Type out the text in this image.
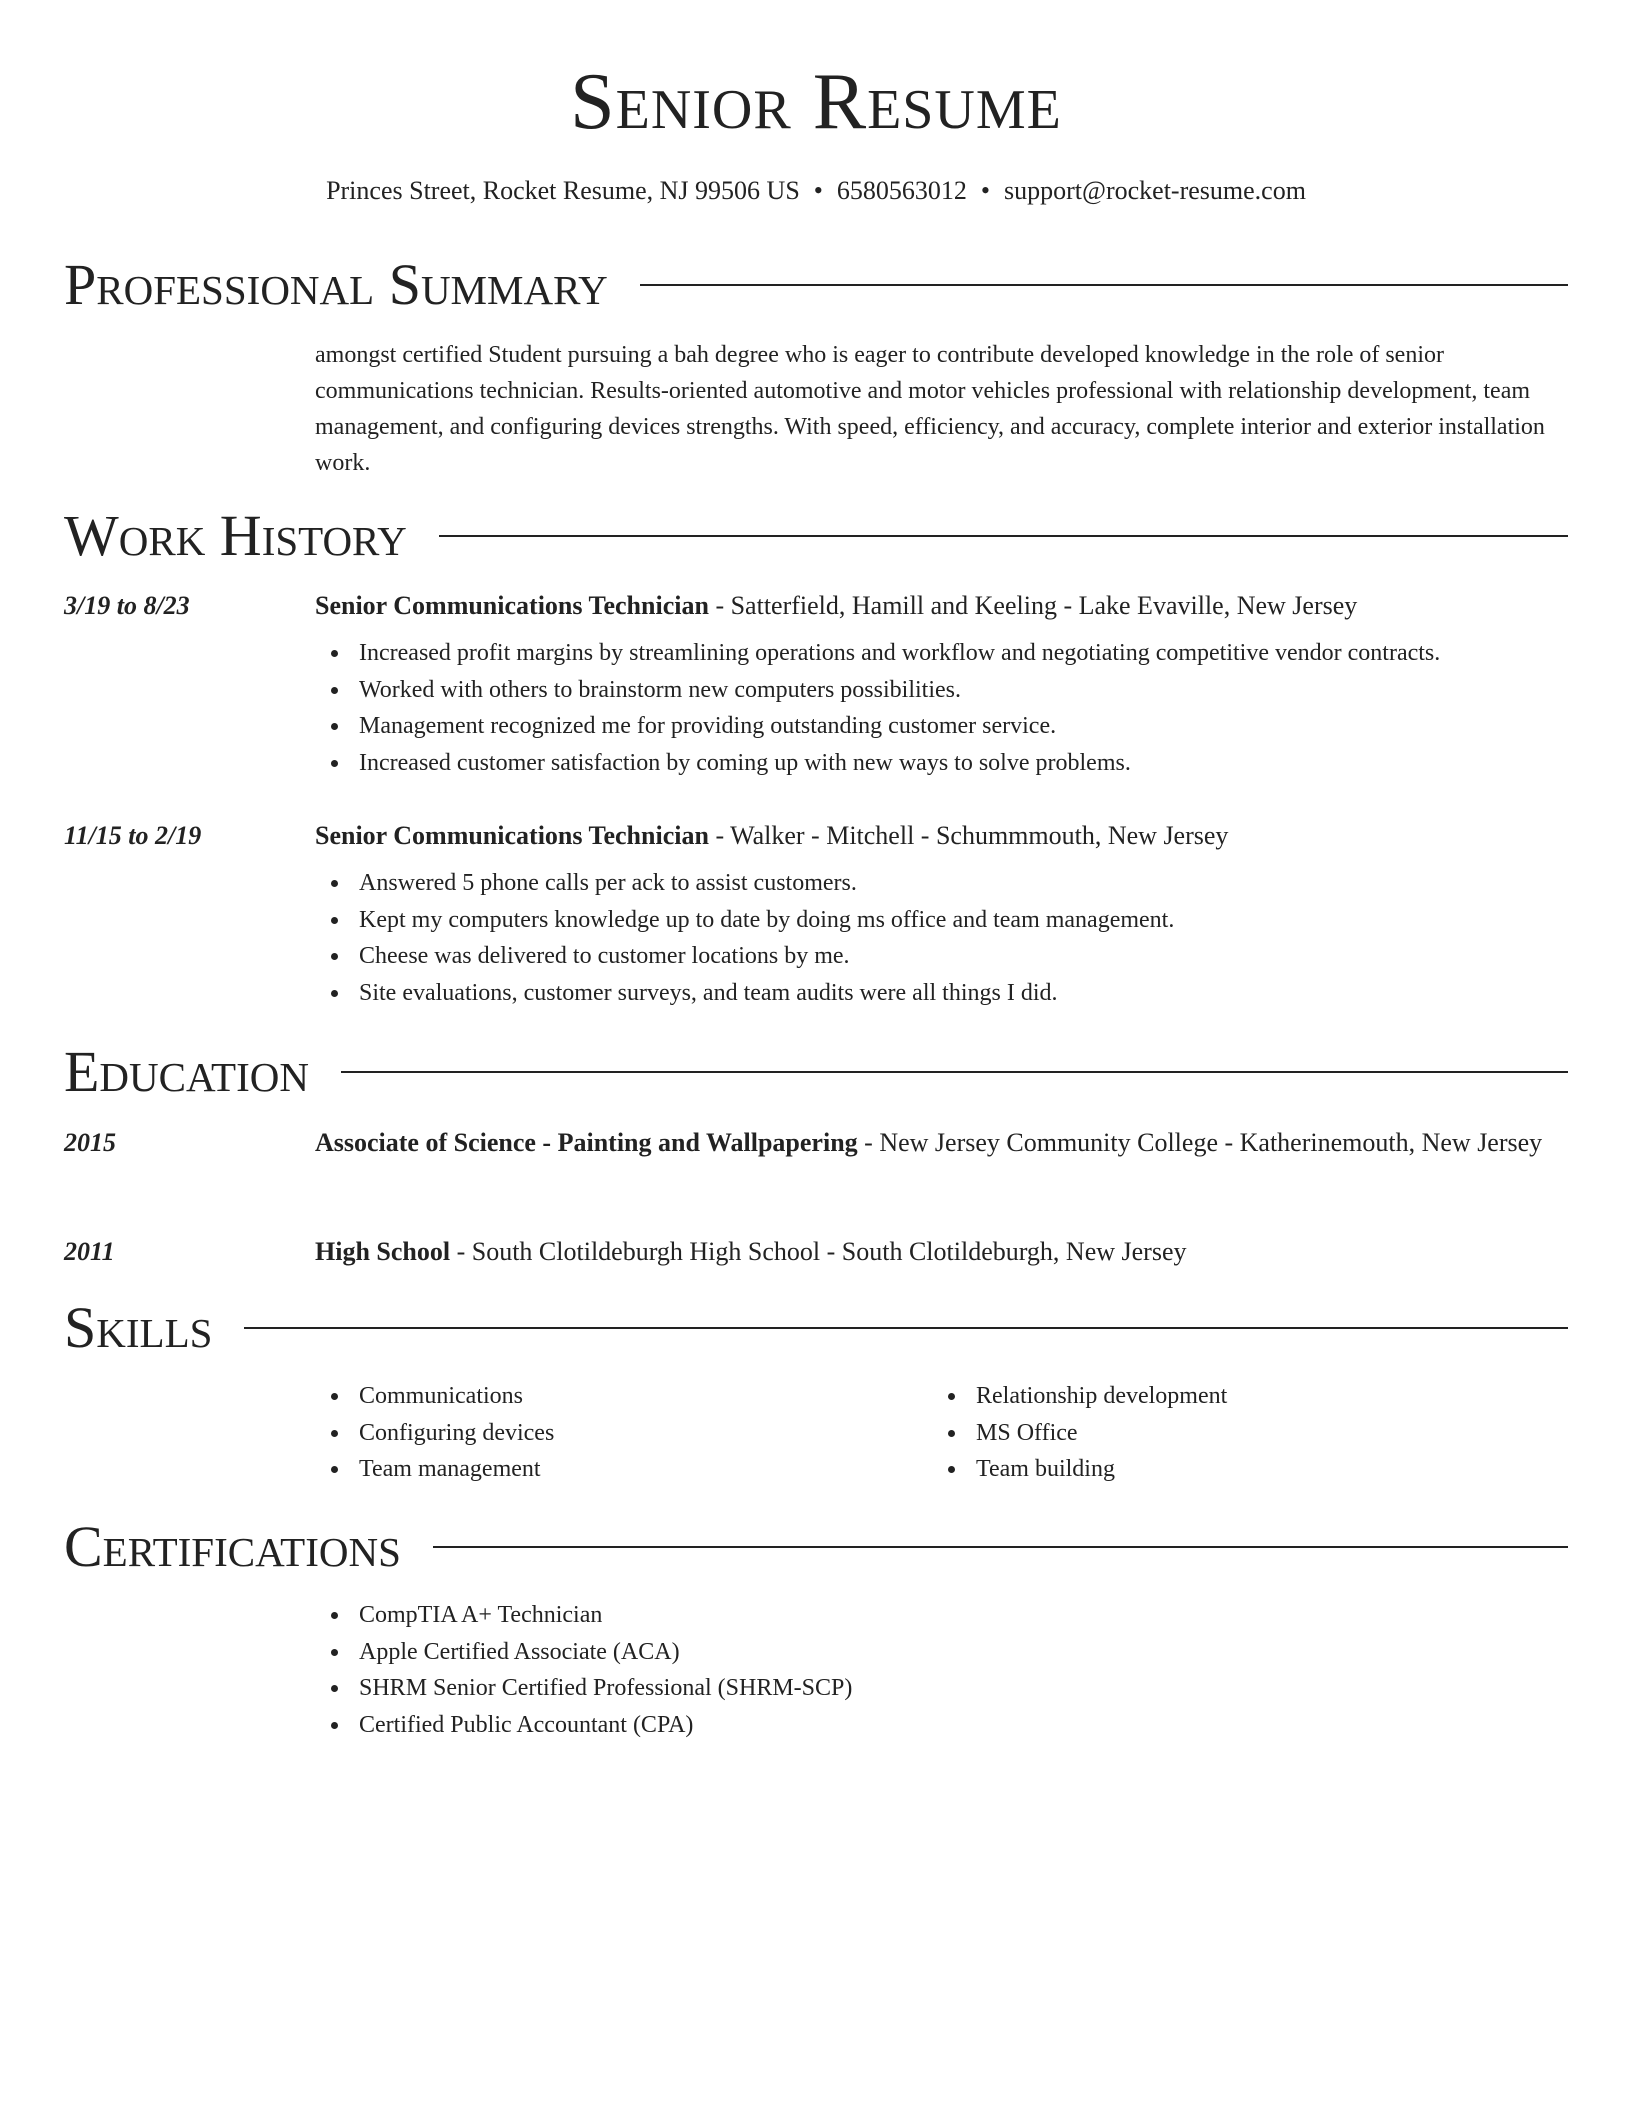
Senior Resume
Princes Street, Rocket Resume, NJ 99506 US • 6580563012 • support@rocket-resume.com
Professional Summary
amongst certified Student pursuing a bah degree who is eager to contribute developed knowledge in the role of senior communications technician. Results-oriented automotive and motor vehicles professional with relationship development, team management, and configuring devices strengths. With speed, efficiency, and accuracy, complete interior and exterior installation work.
Work History
3/19 to 8/23	Senior Communications Technician - Satterfield, Hamill and Keeling - Lake Evaville, New Jersey
Increased profit margins by streamlining operations and workflow and negotiating competitive vendor contracts.
Worked with others to brainstorm new computers possibilities.
Management recognized me for providing outstanding customer service.
Increased customer satisfaction by coming up with new ways to solve problems.
11/15 to 2/19	Senior Communications Technician - Walker - Mitchell - Schummmouth, New Jersey
Answered 5 phone calls per ack to assist customers.
Kept my computers knowledge up to date by doing ms office and team management.
Cheese was delivered to customer locations by me.
Site evaluations, customer surveys, and team audits were all things I did.
Education
2015	Associate of Science - Painting and Wallpapering - New Jersey Community College - Katherinemouth, New Jersey
2011	High School - South Clotildeburgh High School - South Clotildeburgh, New Jersey
Skills
Communications
Configuring devices
Team management
Relationship development
MS Office
Team building
Certifications
CompTIA A+ Technician
Apple Certified Associate (ACA)
SHRM Senior Certified Professional (SHRM-SCP)
Certified Public Accountant (CPA)
